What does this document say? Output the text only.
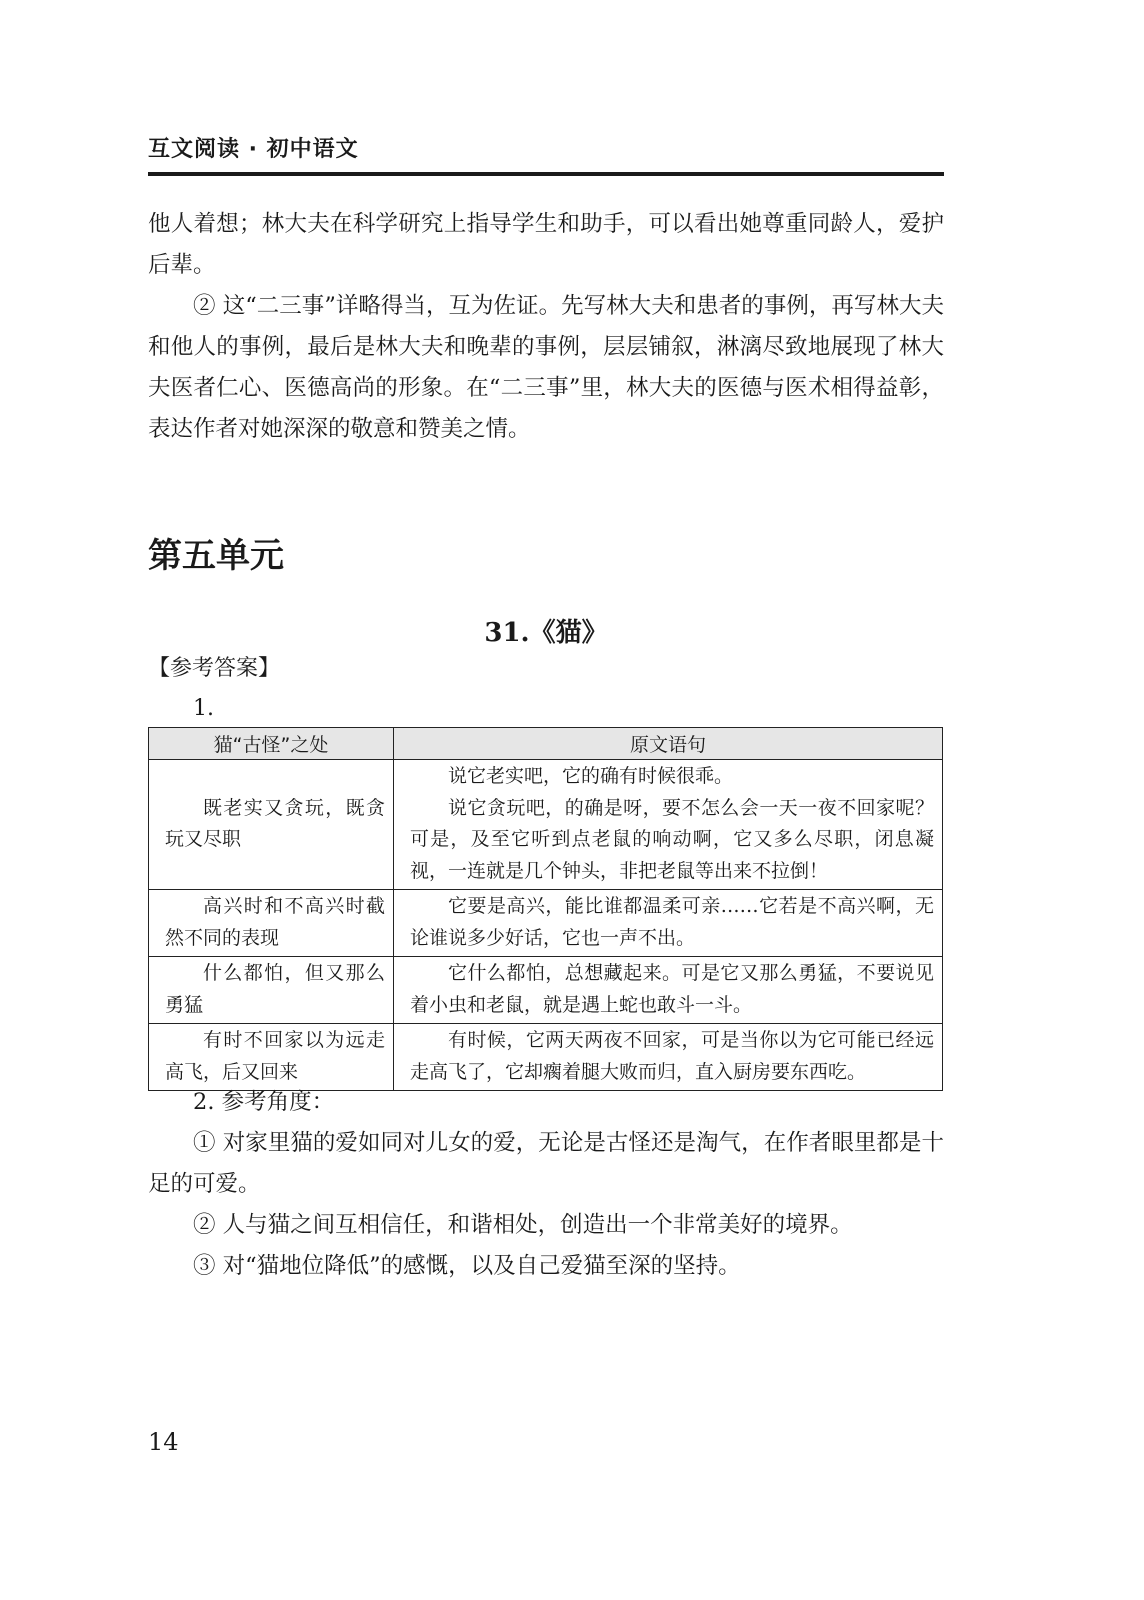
互文阅读 · 初中语文

他人着想；林大夫在科学研究上指导学生和助手，可以看出她尊重同龄人，爱护后辈。

② 这“二三事”详略得当，互为佐证。先写林大夫和患者的事例，再写林大夫和他人的事例，最后是林大夫和晚辈的事例，层层铺叙，淋漓尽致地展现了林大夫医者仁心、医德高尚的形象。在“二三事”里，林大夫的医德与医术相得益彰，表达作者对她深深的敬意和赞美之情。

第五单元
31.《猫》
【参考答案】
1.
猫“古怪”之处	原文语句

既老实又贪玩，既贪玩又尽职	说它老实吧，它的确有时候很乖。
说它贪玩吧，的确是呀，要不怎么会一天一夜不回家呢？可是，及至它听到点老鼠的响动啊，它又多么尽职，闭息凝视，一连就是几个钟头，非把老鼠等出来不拉倒！

高兴时和不高兴时截然不同的表现	它要是高兴，能比谁都温柔可亲……它若是不高兴啊，无论谁说多少好话，它也一声不出。

什么都怕，但又那么勇猛	它什么都怕，总想藏起来。可是它又那么勇猛，不要说见着小虫和老鼠，就是遇上蛇也敢斗一斗。

有时不回家以为远走高飞，后又回来	有时候，它两天两夜不回家，可是当你以为它可能已经远走高飞了，它却瘸着腿大败而归，直入厨房要东西吃。

2. 参考角度：

① 对家里猫的爱如同对儿女的爱，无论是古怪还是淘气，在作者眼里都是十足的可爱。

② 人与猫之间互相信任，和谐相处，创造出一个非常美好的境界。

③ 对“猫地位降低”的感慨，以及自己爱猫至深的坚持。

14
